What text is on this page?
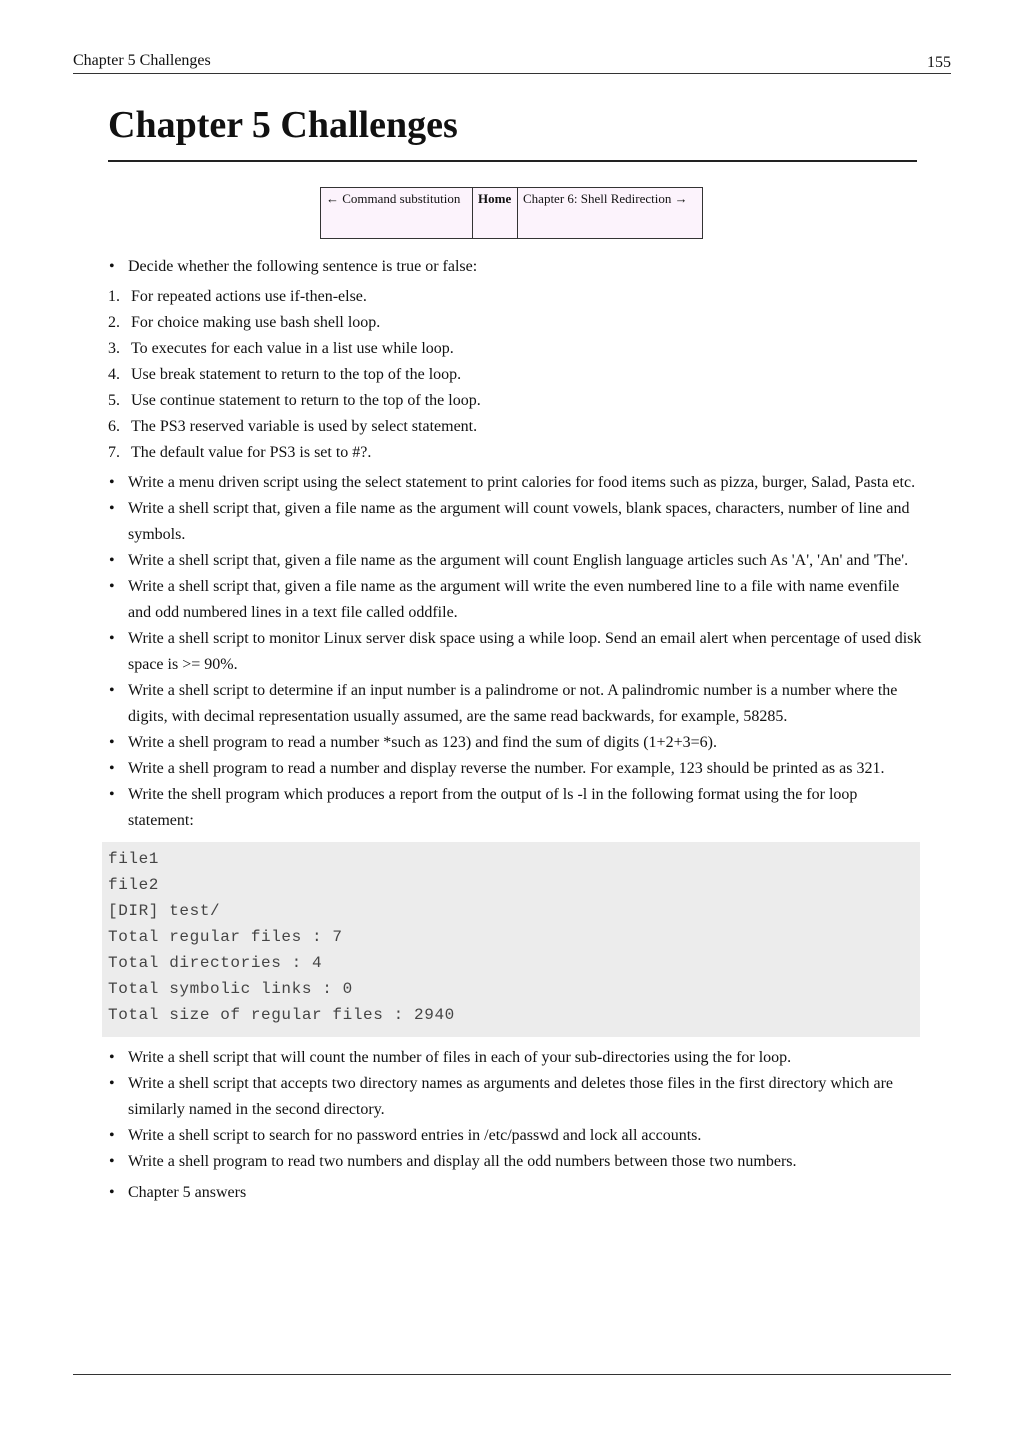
Chapter 5 Challenges	155
Chapter 5 Challenges
← Command substitution	Home	Chapter 6: Shell Redirection →
• Decide whether the following sentence is true or false:
1. For repeated actions use if-then-else.
2. For choice making use bash shell loop.
3. To executes for each value in a list use while loop.
4. Use break statement to return to the top of the loop.
5. Use continue statement to return to the top of the loop.
6. The PS3 reserved variable is used by select statement.
7. The default value for PS3 is set to #?.
• Write a menu driven script using the select statement to print calories for food items such as pizza, burger, Salad, Pasta etc.
• Write a shell script that, given a file name as the argument will count vowels, blank spaces, characters, number of line and symbols.
• Write a shell script that, given a file name as the argument will count English language articles such As 'A', 'An' and 'The'.
• Write a shell script that, given a file name as the argument will write the even numbered line to a file with name evenfile and odd numbered lines in a text file called oddfile.
• Write a shell script to monitor Linux server disk space using a while loop. Send an email alert when percentage of used disk space is >= 90%.
• Write a shell script to determine if an input number is a palindrome or not. A palindromic number is a number where the digits, with decimal representation usually assumed, are the same read backwards, for example, 58285.
• Write a shell program to read a number *such as 123) and find the sum of digits (1+2+3=6).
• Write a shell program to read a number and display reverse the number. For example, 123 should be printed as as 321.
• Write the shell program which produces a report from the output of ls -l in the following format using the for loop statement:
file1
file2
[DIR] test/
Total regular files : 7
Total directories : 4
Total symbolic links : 0
Total size of regular files : 2940
• Write a shell script that will count the number of files in each of your sub-directories using the for loop.
• Write a shell script that accepts two directory names as arguments and deletes those files in the first directory which are similarly named in the second directory.
• Write a shell script to search for no password entries in /etc/passwd and lock all accounts.
• Write a shell program to read two numbers and display all the odd numbers between those two numbers.
• Chapter 5 answers
